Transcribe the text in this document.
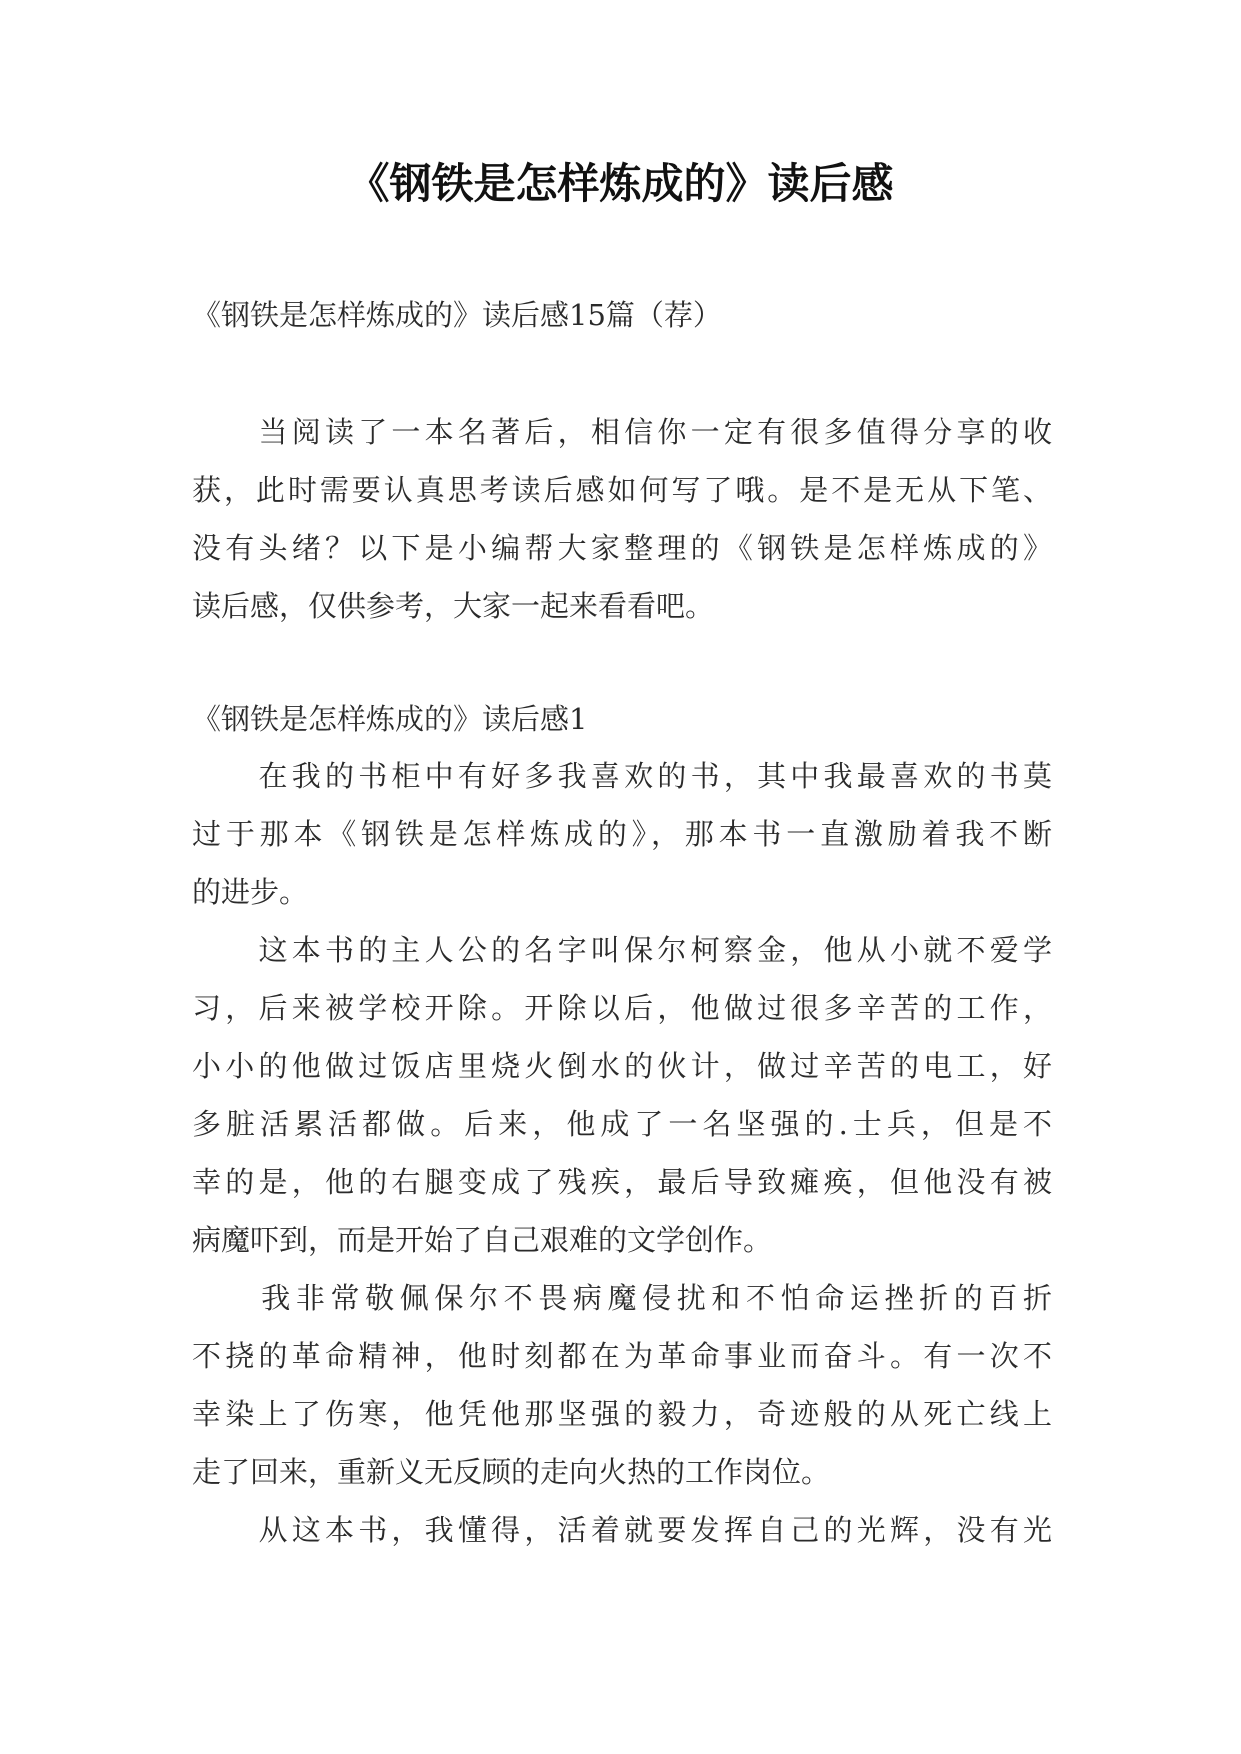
《钢铁是怎样炼成的》读后感
《钢铁是怎样炼成的》读后感15篇（荐）
　　当阅读了一本名著后，相信你一定有很多值得分享的收
获，此时需要认真思考读后感如何写了哦。是不是无从下笔、
没有头绪？以下是小编帮大家整理的《钢铁是怎样炼成的》
读后感，仅供参考，大家一起来看看吧。
《钢铁是怎样炼成的》读后感1
　　在我的书柜中有好多我喜欢的书，其中我最喜欢的书莫
过于那本《钢铁是怎样炼成的》，那本书一直激励着我不断
的进步。
　　这本书的主人公的名字叫保尔柯察金，他从小就不爱学
习，后来被学校开除。开除以后，他做过很多辛苦的工作，
小小的他做过饭店里烧火倒水的伙计，做过辛苦的电工，好
多脏活累活都做。后来，他成了一名坚强的.士兵，但是不
幸的是，他的右腿变成了残疾，最后导致瘫痪，但他没有被
病魔吓到，而是开始了自己艰难的文学创作。
　　我非常敬佩保尔不畏病魔侵扰和不怕命运挫折的百折
不挠的革命精神，他时刻都在为革命事业而奋斗。有一次不
幸染上了伤寒，他凭他那坚强的毅力，奇迹般的从死亡线上
走了回来，重新义无反顾的走向火热的工作岗位。
　　从这本书，我懂得，活着就要发挥自己的光辉，没有光
